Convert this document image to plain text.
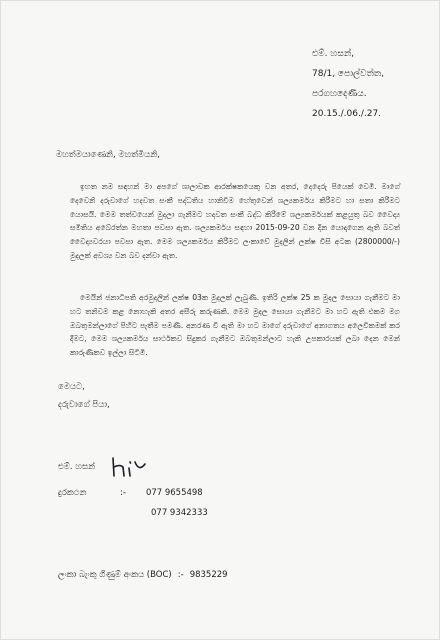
එම්. හසන්,
78/1, පොල්වත්ත,
පරගහදෙණිය.
20.15./.06./.27.
මහත්මයාණෙනි, මහත්මියනි,
ඉහත නම සඳහන් මා අපගේ ශාලාවක ආරක්ෂකයෙකු වන අතර, දෙදෙරු පියෙක් වෙමි. මාගේ දෙවෙනි දරුවාගේ හදවත සංකී පද්ධතිය හානිවීම හේතුවෙන් ශල්‍යකර්මය කිරීමට හා සතා කිරීමට යොසයි. මෙම තත්වයෙන් මුදලා ගැනීමට හදවත සංකී බද්ධ කිරීමේ ශල්‍යකර්මයක් කළයුතු බව වෛද්‍ය සමිතිය අබේරත්න මහතා පවසා ඇත. ශල්‍යකර්මය සඳහා 2015-09-20 වන දින යොදාගෙන ඇති බවත් වෛද්‍යවරයා පවසා ඇත. මෙම ශල්‍යකර්මය කිරීමට ලංකාවේ මුදලින් ලක්ෂ විසි අටක (2800000/-) මුදලක් අවශ්‍ය වන බව දන්වා ඇත.
මෙයින් ජනාධිපති අරමුදලින් ලක්ෂ 03ක මුදලක් ලැබුණි. ඉතිරි ලක්ෂ 25 ක මුදල සොයා ගැනීමට මා හට තනිවම කළ නොහැකි අතර අසීරු කරුණකි. මෙම මුදල සොයා ගැනීමට මා හට ඇති එකම මග ඔබතුමන්ලාගේ පිහිට පැතීම පමණි. අනරණ වී ඇති මා හට මාගේ දරුවාගේ අනාගතය අලෙවිකමක් කර දීමට, මෙම ශල්‍යකර්මය සාර්ථකව සිදුකර ගැනීමට ඔබතුමන්ලාට හැකි උපකාරයක් ලබා දෙන මෙන් කාරුණිකව ඉල්ලා සිටිමි.
මෙයට,
දරුවාගේ පියා,
එම්. හසන්
දුරකථන	:- 077 9655498
077 9342333
ලංකා බැංකු ගිණුම් අංකය (BOC) :- 9835229
